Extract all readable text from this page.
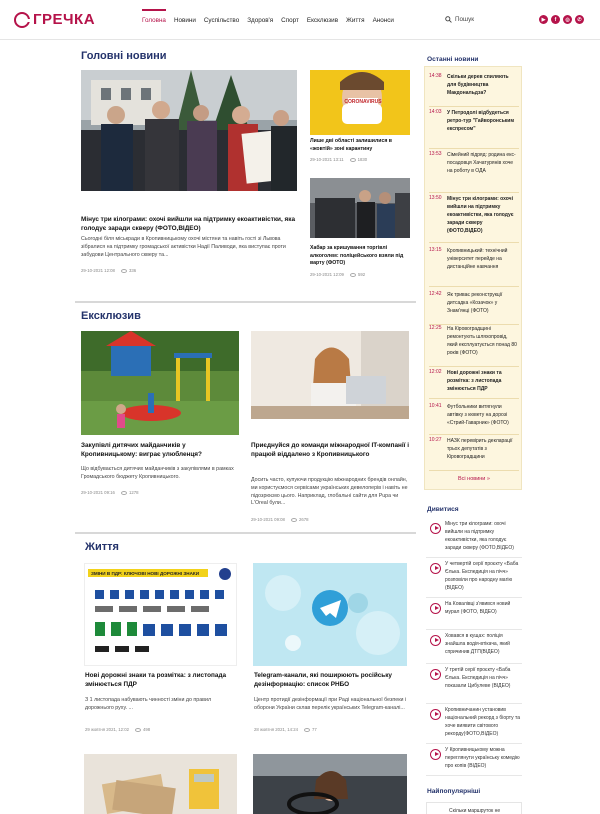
ГРЕЧКА	Головна Новини Суспільство Здоров'я Спорт Ексклюзив Життя Анонси	Пошук	▶	f	◎	✆
Головні новини
Мінус три кілограми: охочі вийшли на підтримку екоактивістки, яка голодує заради скверу (ФОТО,ВІДЕО)
Сьогодні біля міськради в Кропивницькому охочі містяни та навіть гості зі Львова зібралися на підтримку громадської активістки Надії Паливоди, яка виступає проти забудови Центрального скверу та...
29-10-2021 12:08	336
CORONAVIRUS
Лише дві області залишилися в «жовтій» зоні карантину
29-10-2021 13:11	1830
Хабар за кришування торгівлі алкоголем: поліцейського взяли під варту (ФОТО)
29-10-2021 12:09	592
Ексклюзив
Закупівлі дитячих майданчиків у Кропивницькому: виграє улюбленця?
Що відбувається дитячих майданчиків з закупівлями в рамках Громадського бюджету Кропивницького.
29-10-2021 09:16	1278
Приєднуйся до команди міжнародної IT-компанії і працюй віддалено з Кропивницького
Досить часто, купуючи продукцію міжнародних брендів онлайн, ми користуємося сервісами українських девелоперів і навіть не підозрюємо цього. Наприклад, глобальні сайти для Pupa чи L'Oreal були...
29-10-2021 09:08	2678
Життя
ЗМІНИ В ПДР: КЛЮЧОВІ НОВІ ДОРОЖНІ ЗНАКИ
Нові дорожні знаки та розмітка: з листопада змінюється ПДР
З 1 листопада набувають чинності зміни до правил дорожнього руху. ...
29 жовтня 2021, 12:02	498
Telegram-канали, які поширюють російську дезінформацію: список РНБО
Центр протидії дезінформації при Раді національної безпеки і оборони України склав перелік українських Telegram-каналі...
28 жовтня 2021, 14:24	77
Останні новини
14:38 Скільки дерев спиляють для будівництва Макдональдза?
14:03 У Петродолі відбудеться ретро-тур "Гайворонським експресом"
13:53 Сімейний підряд: родина екс-посадовця Хачатурянів хоче на роботу в ОДА
13:50 Мінус три кілограми: охочі вийшли на підтримку екоактивістки, яка голодує заради скверу (ФОТО,ВІДЕО)
13:15 Кропивницький: технічний університет перейде на дистанційне навчання
12:42 Як триває реконструкції дитсадка «Козачок» у Знам'янці (ФОТО)
12:25 На Кіровоградщині ремонтують шляхопровід, який експлуатується понад 80 років (ФОТО)
12:02 Нові дорожні знаки та розмітка: з листопада змінюється ПДР
10:41 Футбольники витягнули автівку з кювету на дорозі «Стрий-Гаварник» (ФОТО)
10:27 НАЗК перевірить декларації трьох депутатів з Кіровоградщини
Всі новини »
Дивитися
Мінус три кілограми: охочі вийшли на підтримку екоактивістки, яка голодує заради скверу (ФОТО,ВІДЕО)
У четвертій серії проєкту «Баба Єлька. Експедиція на пічч» розповіли про народну магію (ВІДЕО)
На Ковалівці з'явився новий мурал (ФОТО, ВІДЕО)
Ховався в кущах: поліція знайшла водія-втікача, який спричинив ДТП(ВІДЕО)
У третій серії проєкту «Баба Єлька. Експедиція на пічч» показали Цибулеве (ВІДЕО)
Кропивничанин установив національний рекорд з біорту та хоче виявити світового рекорду(ФОТО,ВІДЕО)
У Кропивницькому можна переглянути українську комедію про копів (ВІДЕО)
Найпопулярніші
Скільки маршруток не
